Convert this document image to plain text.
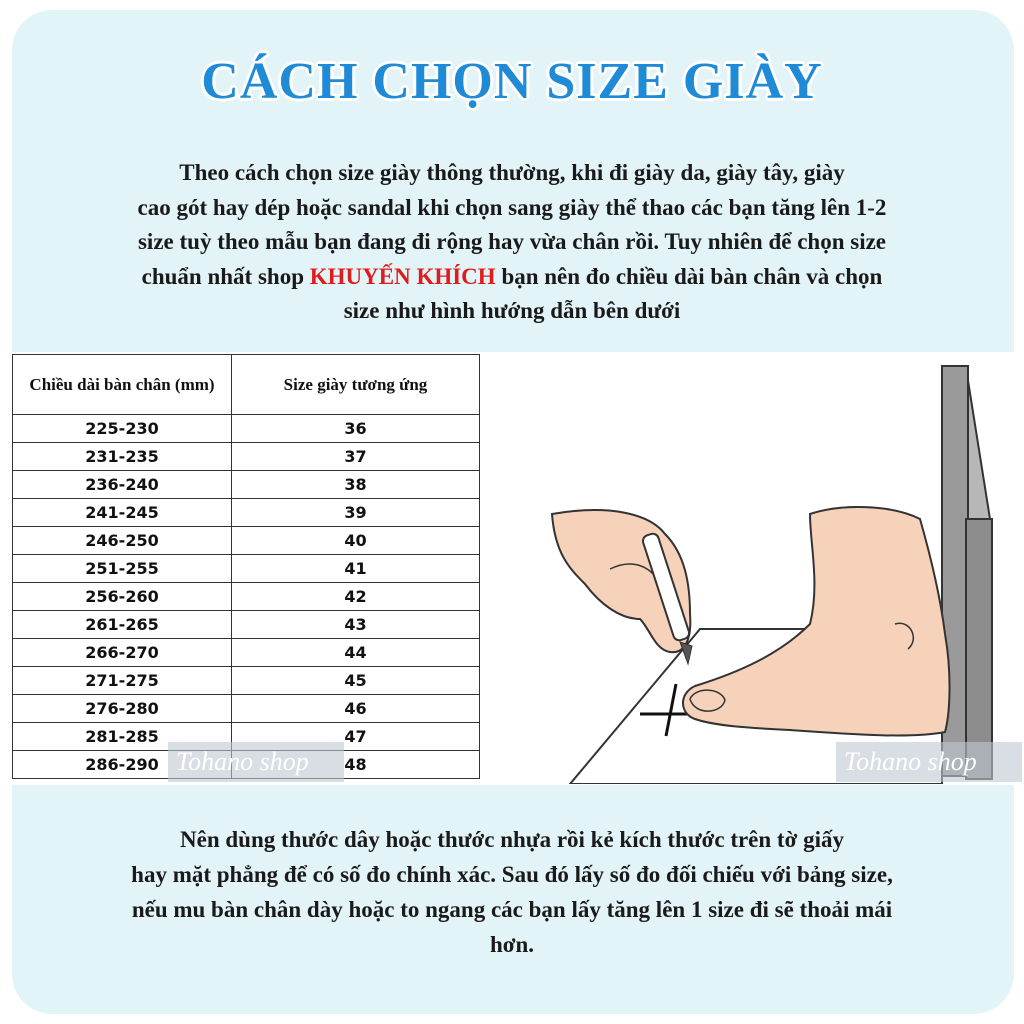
CÁCH CHỌN SIZE GIÀY
Theo cách chọn size giày thông thường, khi đi giày da, giày tây, giày
cao gót hay dép hoặc sandal khi chọn sang giày thể thao các bạn tăng lên 1-2
size tuỳ theo mẫu bạn đang đi rộng hay vừa chân rồi. Tuy nhiên để chọn size
chuẩn nhất shop KHUYẾN KHÍCH bạn nên đo chiều dài bàn chân và chọn
size như hình hướng dẫn bên dưới
Chiều dài bàn chân (mm)	Size giày tương ứng
225-230	36
231-235	37
236-240	38
241-245	39
246-250	40
251-255	41
256-260	42
261-265	43
266-270	44
271-275	45
276-280	46
281-285	47
286-290	48
Tohano shop	Tohano shop
Nên dùng thước dây hoặc thước nhựa rồi kẻ kích thước trên tờ giấy
hay mặt phẳng để có số đo chính xác. Sau đó lấy số đo đối chiếu với bảng size,
nếu mu bàn chân dày hoặc to ngang các bạn lấy tăng lên 1 size đi sẽ thoải mái
hơn.
